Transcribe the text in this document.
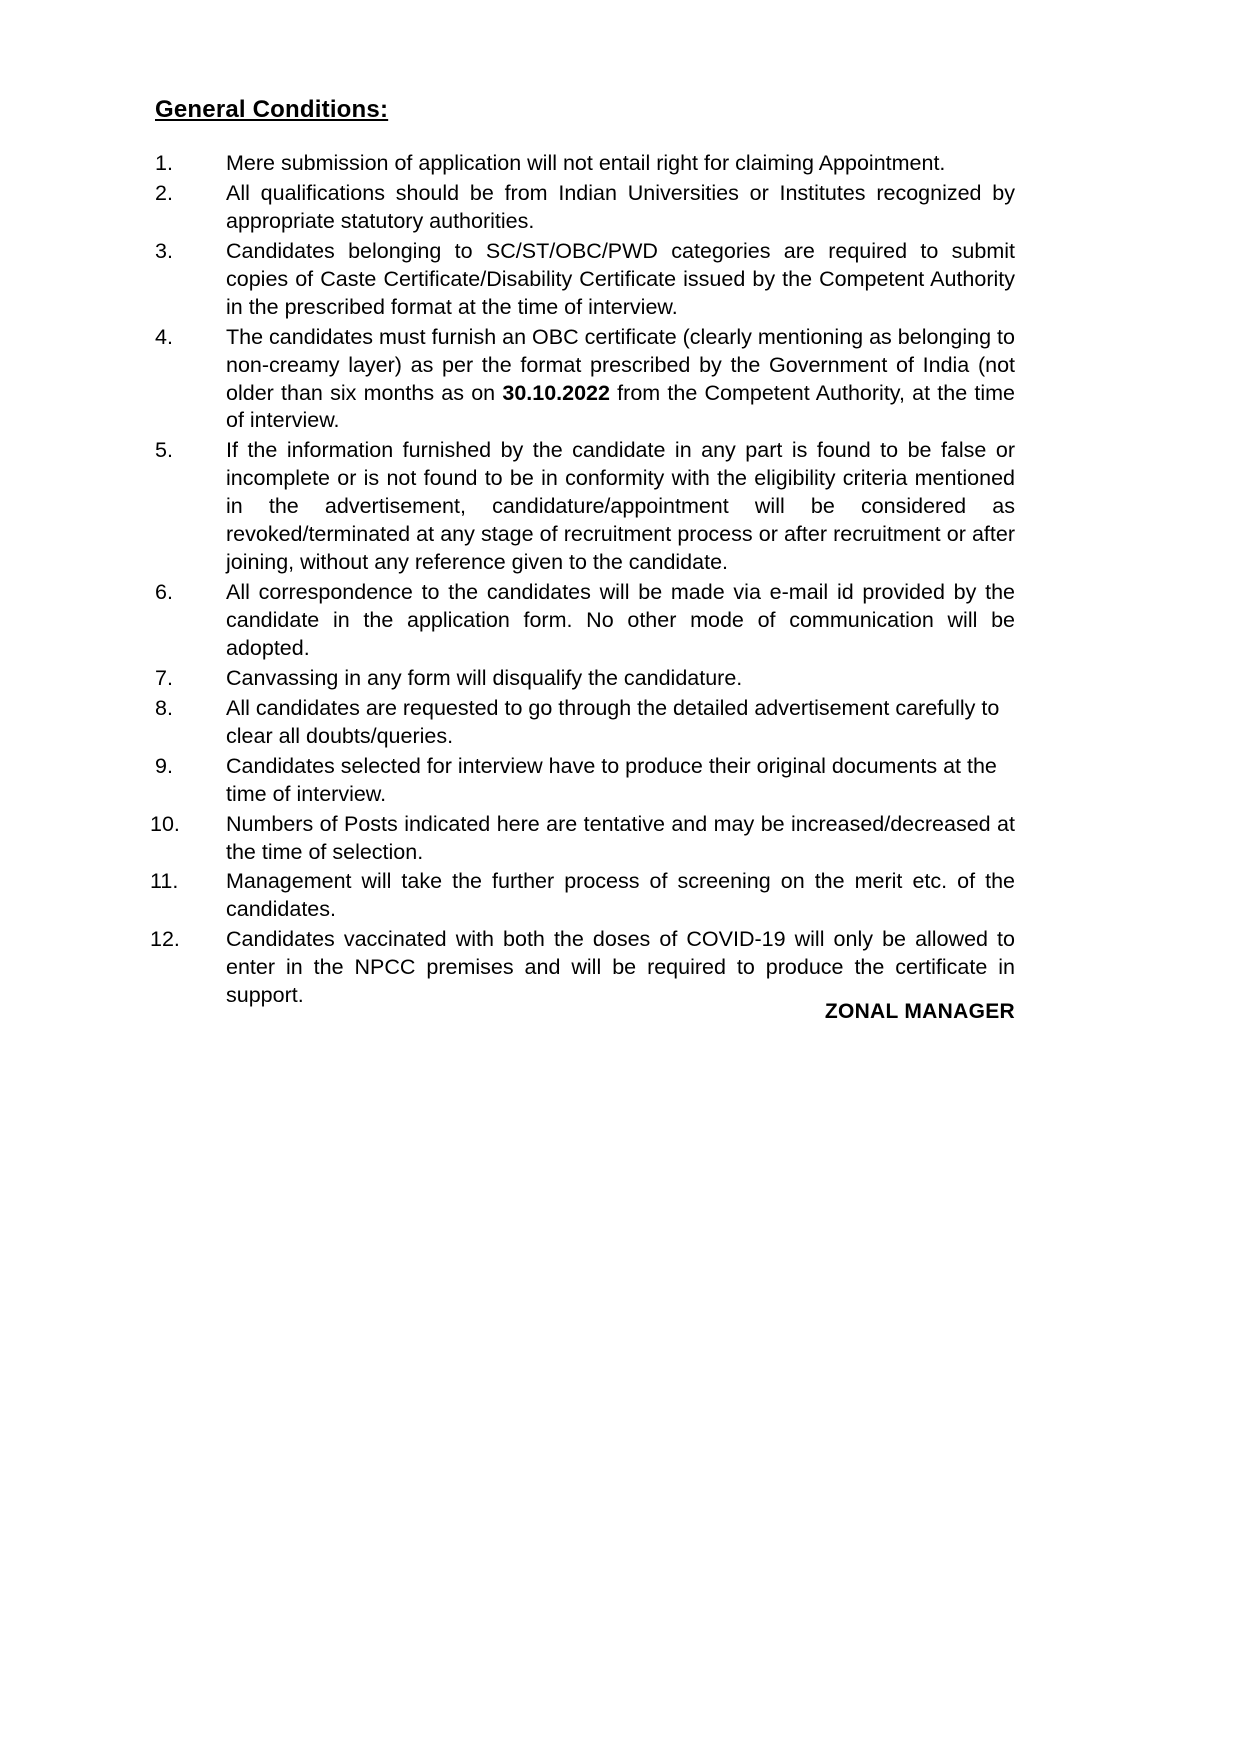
General Conditions:
1.	Mere submission of application will not entail right for claiming Appointment.
2.	All qualifications should be from Indian Universities or Institutes recognized by appropriate statutory authorities.
3.	Candidates belonging to SC/ST/OBC/PWD categories are required to submit copies of Caste Certificate/Disability Certificate issued by the Competent Authority in the prescribed format at the time of interview.
4.	The candidates must furnish an OBC certificate (clearly mentioning as belonging to non-creamy layer) as per the format prescribed by the Government of India (not older than six months as on 30.10.2022 from the Competent Authority, at the time of interview.
5.	If the information furnished by the candidate in any part is found to be false or incomplete or is not found to be in conformity with the eligibility criteria mentioned in the advertisement, candidature/appointment will be considered as revoked/terminated at any stage of recruitment process or after recruitment or after joining, without any reference given to the candidate.
6.	All correspondence to the candidates will be made via e-mail id provided by the candidate in the application form. No other mode of communication will be adopted.
7.	Canvassing in any form will disqualify the candidature.
8.	All candidates are requested to go through the detailed advertisement carefully to clear all doubts/queries.
9.	Candidates selected for interview have to produce their original documents at the time of interview.
10.	Numbers of Posts indicated here are tentative and may be increased/decreased at the time of selection.
11.	Management will take the further process of screening on the merit etc. of the candidates.
12.	Candidates vaccinated with both the doses of COVID-19 will only be allowed to enter in the NPCC premises and will be required to produce the certificate in support.
ZONAL MANAGER
